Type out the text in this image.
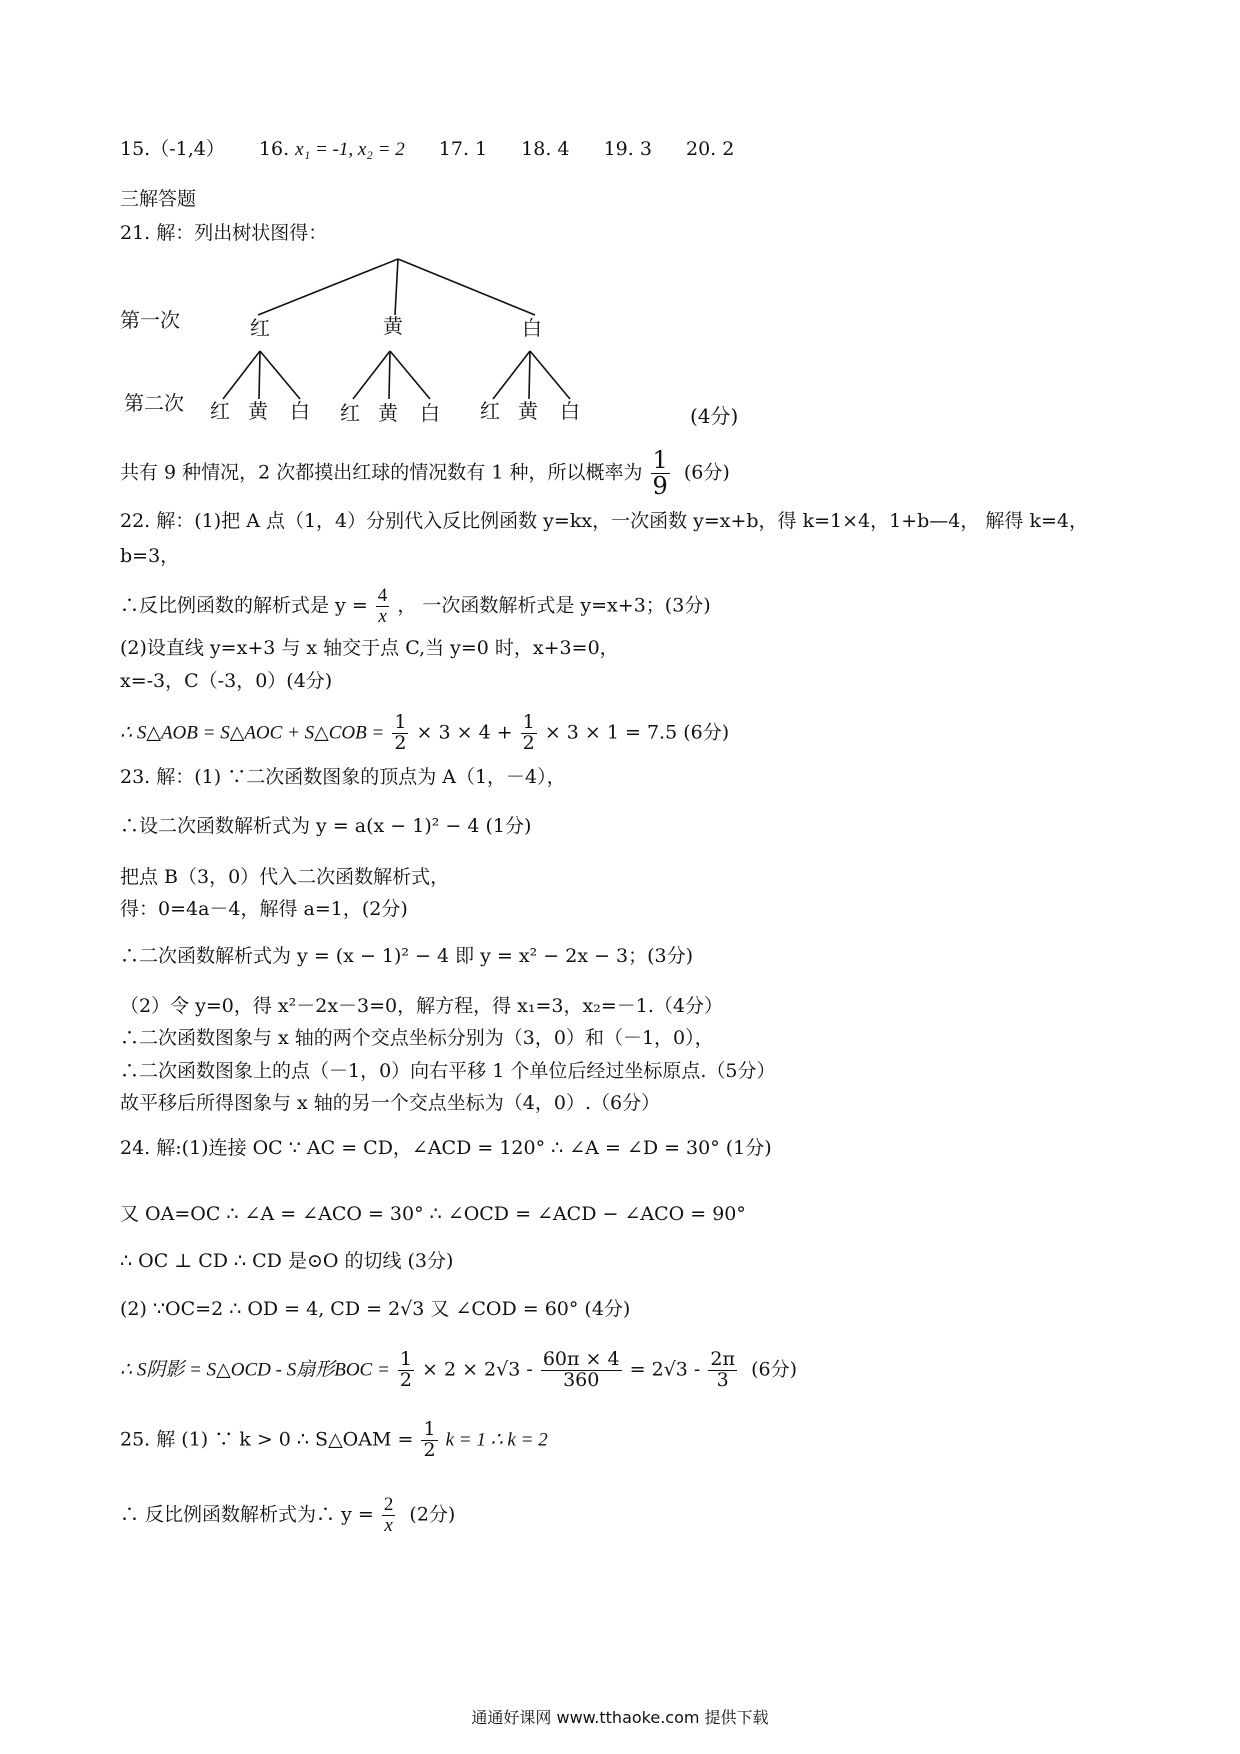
15.（-1,4） 16. x₁ = -1, x₂ = 2 17. 1 18. 4 19. 3 20. 2
三解答题
21. 解：列出树状图得：
第一次
第二次
红	黄	白
红 黄 白 红 黄 白 红 黄 白	(4分)
共有 9 种情况，2 次都摸出红球的情况数有 1 种，所以概率为 $\frac{1}{9} (6$分)
22. 解：(1)把 A 点（1，4）分别代入反比例函数 y=kx，一次函数 y=x+b，得 k=1×4，1+b—4， 解得 k=4，
b=3，
∴反比例函数的解析式是 $y = \frac{4}{x}$ ， 一次函数解析式是 y=x+3；(3分)
(2)设直线 y=x+3 与 x 轴交于点 C,当 y=0 时，x+3=0，
x=-3，C（-3，0）(4分)
∴ S△AOB = S△AOC + S△COB = $\frac{1}{2} \times 3 \times 4 + \frac{1}{2} \times 3 \times 1 = 7.5$ (6分)
23. 解：(1) ∵二次函数图象的顶点为 A（1，－4），
∴设二次函数解析式为 y = a(x − 1)² − 4 (1分)
把点 B（3，0）代入二次函数解析式，
得：0=4a－4，解得 a=1，(2分)
∴二次函数解析式为 y = (x − 1)² − 4 即 y = x² − 2x − 3；(3分)
（2）令 y=0，得 x²－2x－3=0，解方程，得 x₁=3，x₂=－1.（4分）
∴二次函数图象与 x 轴的两个交点坐标分别为（3，0）和（－1，0），
∴二次函数图象上的点（－1，0）向右平移 1 个单位后经过坐标原点.（5分）
故平移后所得图象与 x 轴的另一个交点坐标为（4，0）.（6分）
24. 解:(1)连接 OC ∵ AC = CD，∠ACD = 120° ∴ ∠A = ∠D = 30° (1分)
又 OA=OC ∴ ∠A = ∠ACO = 30° ∴ ∠OCD = ∠ACD − ∠ACO = 90°
∴ OC ⊥ CD ∴ CD 是⊙O 的切线 (3分)
(2) ∵OC=2 ∴ OD = 4, CD = 2√3 又 ∠COD = 60° (4分)
∴ S阴影 = S△OCD - S扇形BOC = $\frac{1}{2} \times 2 \times 2√3 - \frac{60\pi \times 4}{360} = 2√3 - \frac{2\pi}{3} (6$分)
25. 解 (1) ∵ k > 0 ∴ S△OAM = $\frac{1}{2}$ k = 1 ∴ k = 2
∴ 反比例函数解析式为∴ $y = \frac{2}{x} (2$分)
通通好课网 www.tthaoke.com 提供下载
